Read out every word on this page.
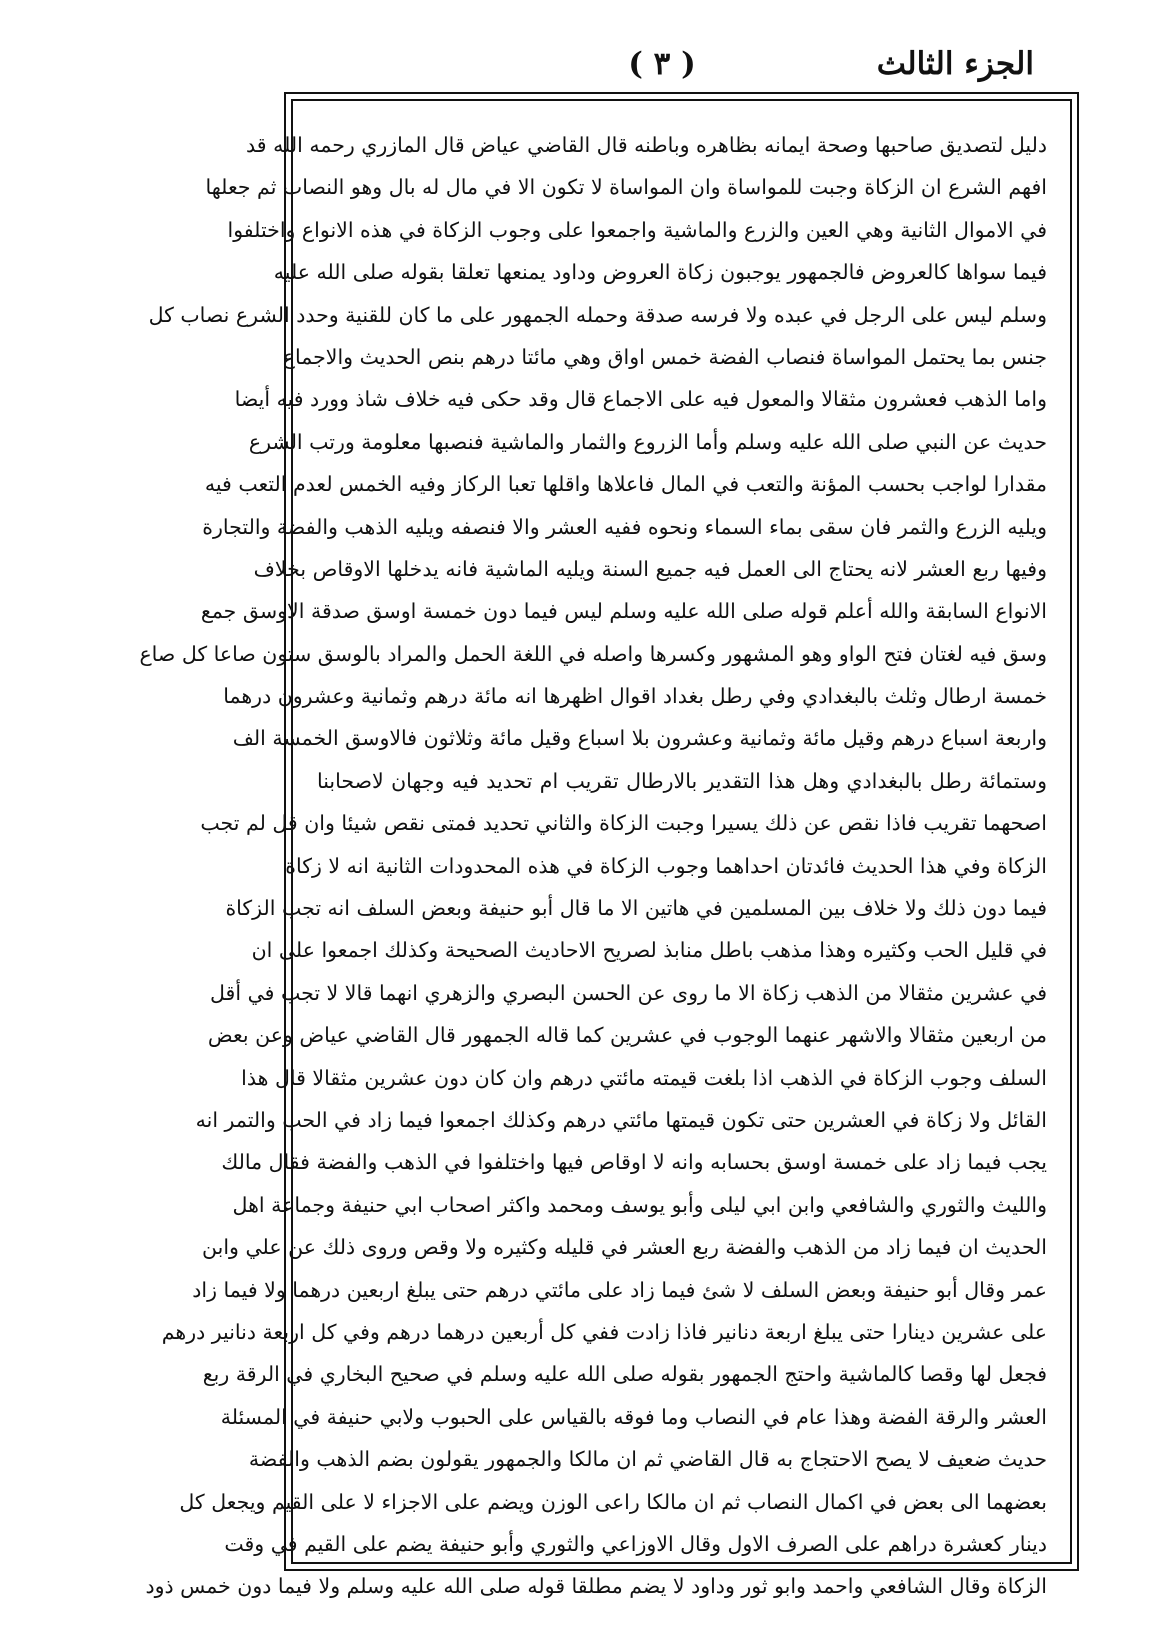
الجزء الثالث
( ٣ )
دليل لتصديق صاحبها وصحة ايمانه بظاهره وباطنه قال القاضي عياض قال المازري رحمه الله قد
افهم الشرع ان الزكاة وجبت للمواساة وان المواساة لا تكون الا في مال له بال وهو النصاب ثم جعلها
في الاموال الثانية وهي العين والزرع والماشية واجمعوا على وجوب الزكاة في هذه الانواع واختلفوا
فيما سواها كالعروض فالجمهور يوجبون زكاة العروض وداود يمنعها تعلقا بقوله صلى الله عليه
وسلم ليس على الرجل في عبده ولا فرسه صدقة وحمله الجمهور على ما كان للقنية وحدد الشرع نصاب كل
جنس بما يحتمل المواساة فنصاب الفضة خمس اواق وهي مائتا درهم بنص الحديث والاجماع
واما الذهب فعشرون مثقالا والمعول فيه على الاجماع قال وقد حكى فيه خلاف شاذ وورد فيه أيضا
حديث عن النبي صلى الله عليه وسلم وأما الزروع والثمار والماشية فنصبها معلومة ورتب الشرع
مقدارا لواجب بحسب المؤنة والتعب في المال فاعلاها واقلها تعبا الركاز وفيه الخمس لعدم التعب فيه
ويليه الزرع والثمر فان سقى بماء السماء ونحوه ففيه العشر والا فنصفه ويليه الذهب والفضة والتجارة
وفيها ربع العشر لانه يحتاج الى العمل فيه جميع السنة ويليه الماشية فانه يدخلها الاوقاص بخلاف
الانواع السابقة والله أعلم قوله صلى الله عليه وسلم ليس فيما دون خمسة اوسق صدقة الاوسق جمع
وسق فيه لغتان فتح الواو وهو المشهور وكسرها واصله في اللغة الحمل والمراد بالوسق ستون صاعا كل صاع
خمسة ارطال وثلث بالبغدادي وفي رطل بغداد اقوال اظهرها انه مائة درهم وثمانية وعشرون درهما
واربعة اسباع درهم وقيل مائة وثمانية وعشرون بلا اسباع وقيل مائة وثلاثون فالاوسق الخمسة الف
وستمائة رطل بالبغدادي وهل هذا التقدير بالارطال تقريب ام تحديد فيه وجهان لاصحابنا
اصحهما تقريب فاذا نقص عن ذلك يسيرا وجبت الزكاة والثاني تحديد فمتى نقص شيئا وان قل لم تجب
الزكاة وفي هذا الحديث فائدتان احداهما وجوب الزكاة في هذه المحدودات الثانية انه لا زكاة
فيما دون ذلك ولا خلاف بين المسلمين في هاتين الا ما قال أبو حنيفة وبعض السلف انه تجب الزكاة
في قليل الحب وكثيره وهذا مذهب باطل منابذ لصريح الاحاديث الصحيحة وكذلك اجمعوا على ان
في عشرين مثقالا من الذهب زكاة الا ما روى عن الحسن البصري والزهري انهما قالا لا تجب في أقل
من اربعين مثقالا والاشهر عنهما الوجوب في عشرين كما قاله الجمهور قال القاضي عياض وعن بعض
السلف وجوب الزكاة في الذهب اذا بلغت قيمته مائتي درهم وان كان دون عشرين مثقالا قال هذا
القائل ولا زكاة في العشرين حتى تكون قيمتها مائتي درهم وكذلك اجمعوا فيما زاد في الحب والتمر انه
يجب فيما زاد على خمسة اوسق بحسابه وانه لا اوقاص فيها واختلفوا في الذهب والفضة فقال مالك
والليث والثوري والشافعي وابن ابي ليلى وأبو يوسف ومحمد واكثر اصحاب ابي حنيفة وجماعة اهل
الحديث ان فيما زاد من الذهب والفضة ربع العشر في قليله وكثيره ولا وقص وروى ذلك عن علي وابن
عمر وقال أبو حنيفة وبعض السلف لا شئ فيما زاد على مائتي درهم حتى يبلغ اربعين درهما ولا فيما زاد
على عشرين دينارا حتى يبلغ اربعة دنانير فاذا زادت ففي كل أربعين درهما درهم وفي كل اربعة دنانير درهم
فجعل لها وقصا كالماشية واحتج الجمهور بقوله صلى الله عليه وسلم في صحيح البخاري في الرقة ربع
العشر والرقة الفضة وهذا عام في النصاب وما فوقه بالقياس على الحبوب ولابي حنيفة في المسئلة
حديث ضعيف لا يصح الاحتجاج به قال القاضي ثم ان مالكا والجمهور يقولون بضم الذهب والفضة
بعضهما الى بعض في اكمال النصاب ثم ان مالكا راعى الوزن ويضم على الاجزاء لا على القيم ويجعل كل
دينار كعشرة دراهم على الصرف الاول وقال الاوزاعي والثوري وأبو حنيفة يضم على القيم في وقت
الزكاة وقال الشافعي واحمد وابو ثور وداود لا يضم مطلقا قوله صلى الله عليه وسلم ولا فيما دون خمس ذود
